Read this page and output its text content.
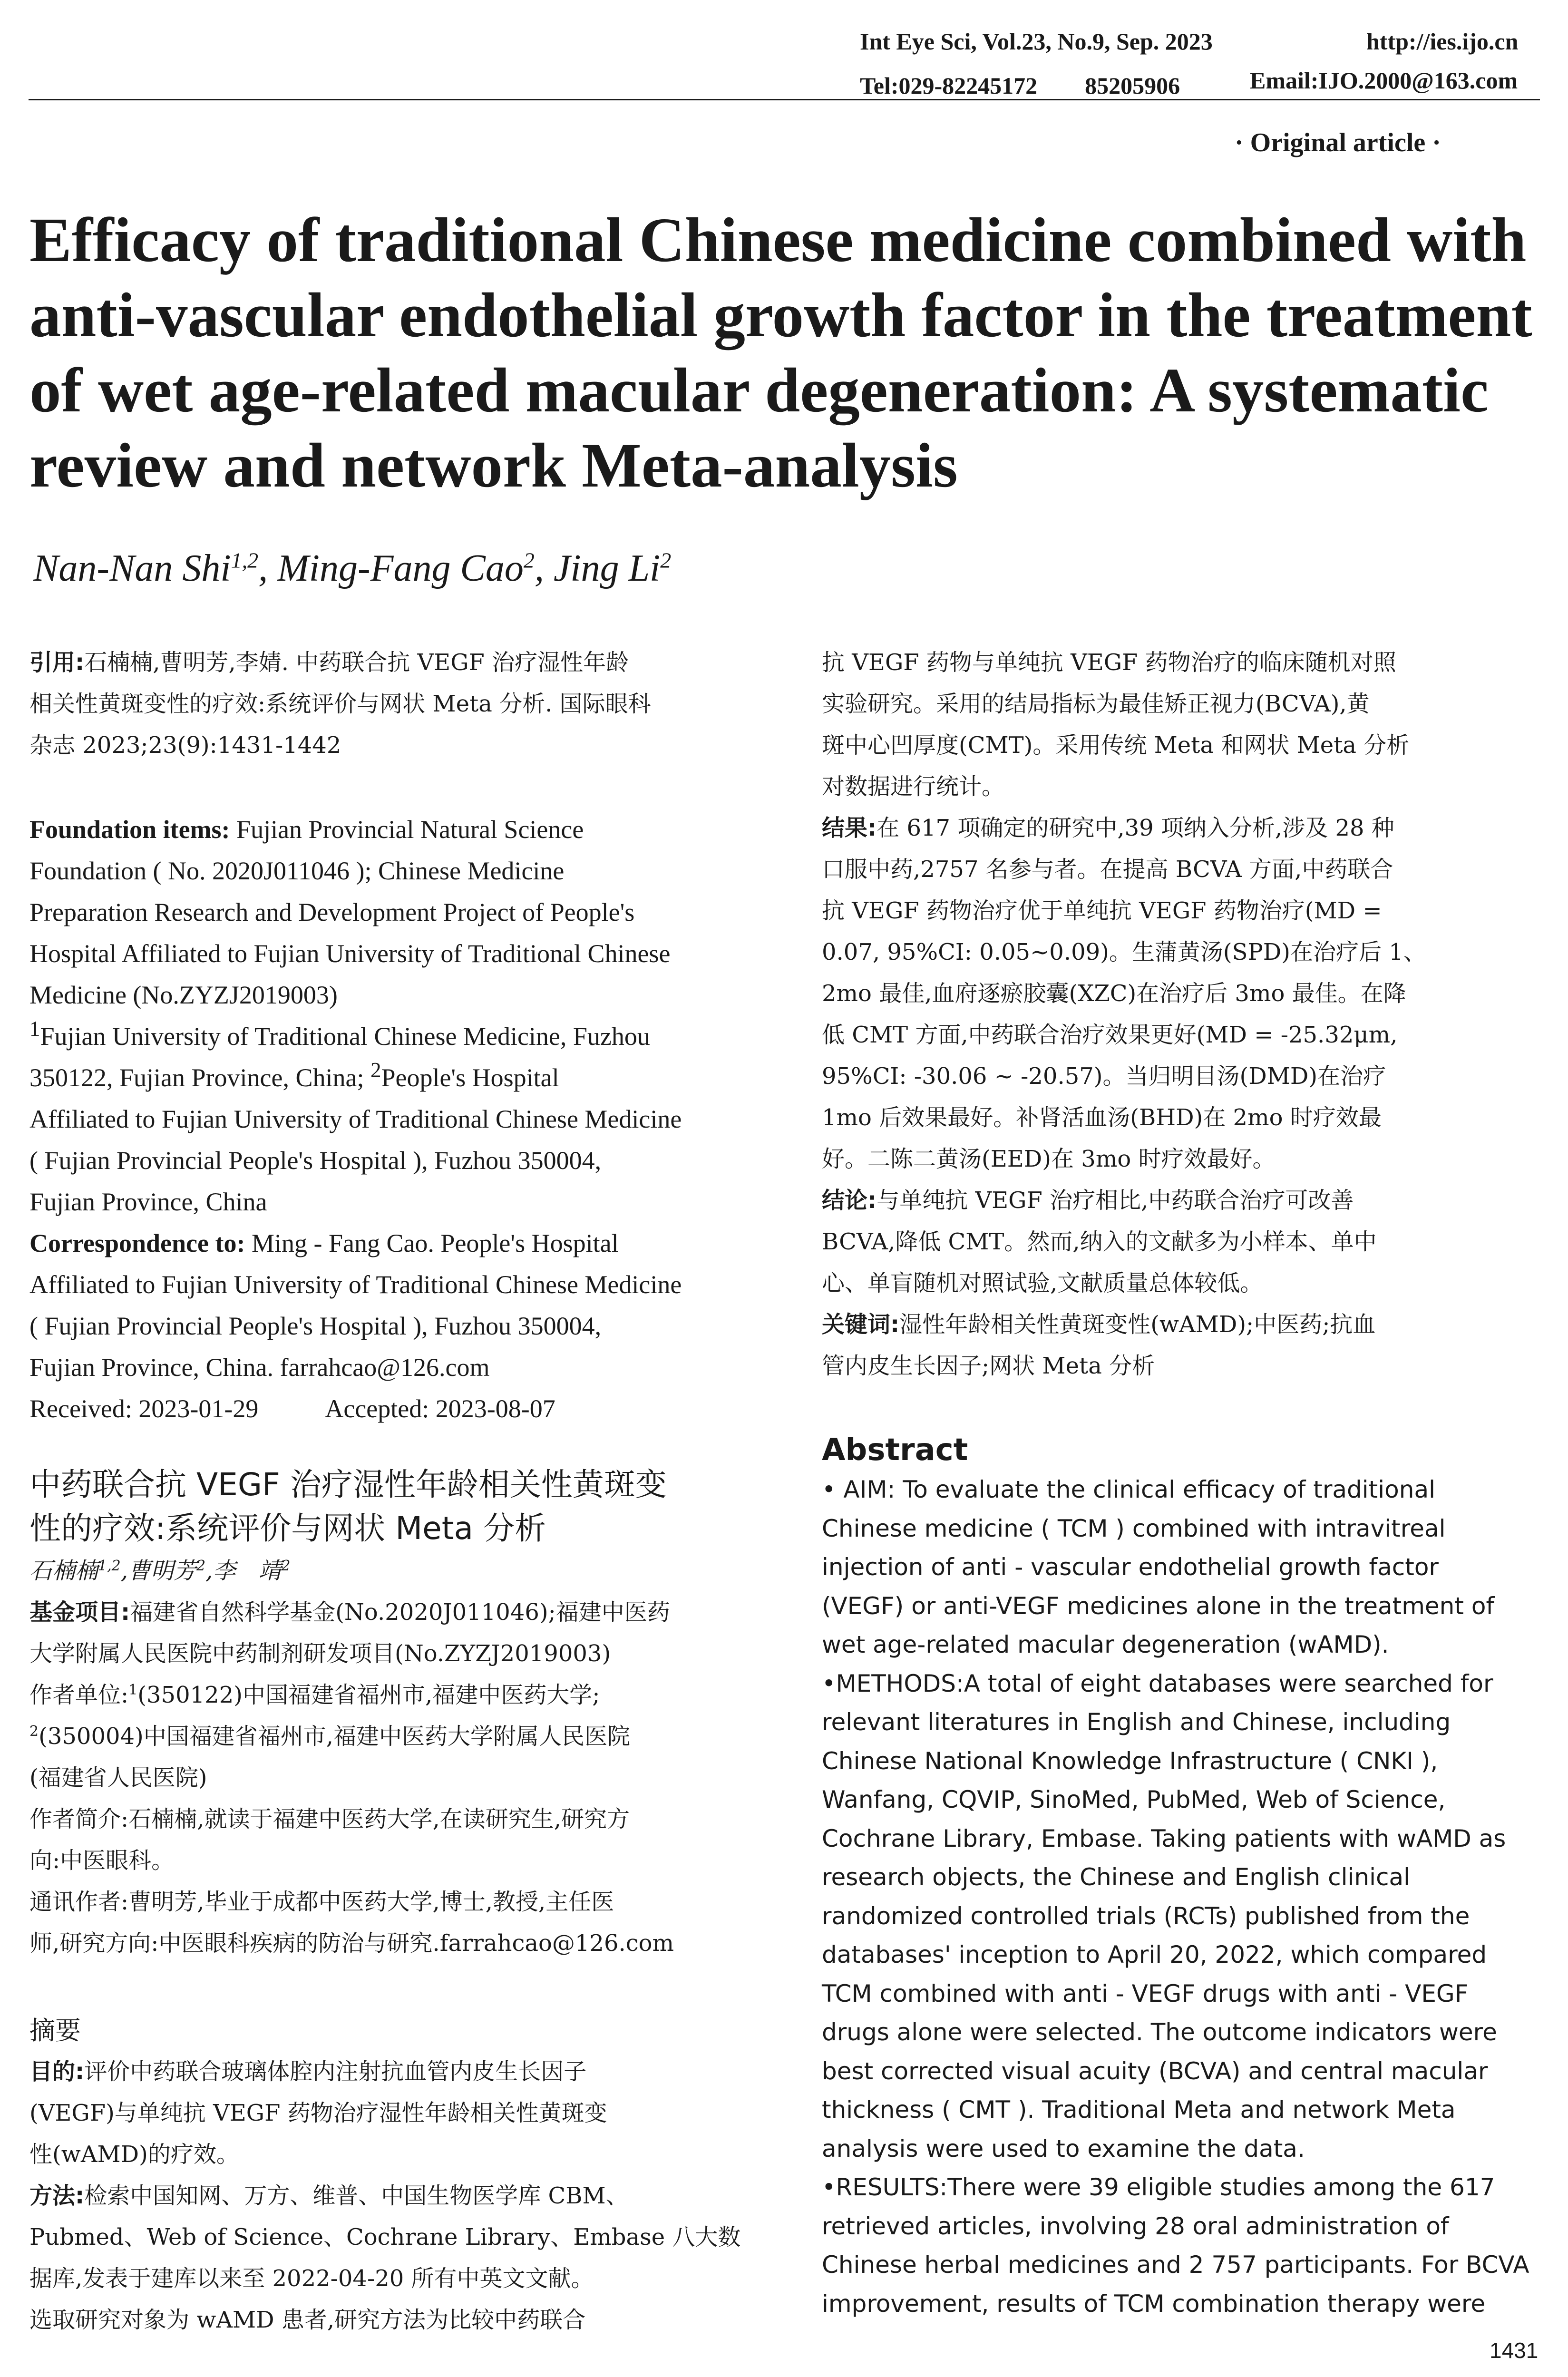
Int Eye Sci, Vol.23, No.9, Sep. 2023	http://ies.ijo.cn
Tel:029-82245172　　85205906	Email:IJO.2000@163.com
· Original article ·
Efficacy of traditional Chinese medicine combined with
anti-vascular endothelial growth factor in the treatment
of wet age-related macular degeneration: A systematic
review and network Meta-analysis
Nan-Nan Shi$^{1,2}$, Ming-Fang Cao$^2$, Jing Li$^2$
引用:石楠楠,曹明芳,李婧. 中药联合抗 VEGF 治疗湿性年龄
相关性黄斑变性的疗效:系统评价与网状 Meta 分析. 国际眼科
杂志 2023;23(9):1431-1442
Foundation items: Fujian Provincial Natural Science
Foundation ( No. 2020J011046 ); Chinese Medicine
Preparation Research and Development Project of People's
Hospital Affiliated to Fujian University of Traditional Chinese
Medicine (No.ZYZJ2019003)
$^1$Fujian University of Traditional Chinese Medicine, Fuzhou
350122, Fujian Province, China; $^2$People's Hospital
Affiliated to Fujian University of Traditional Chinese Medicine
( Fujian Provincial People's Hospital ), Fuzhou 350004,
Fujian Province, China
Correspondence to: Ming - Fang Cao. People's Hospital
Affiliated to Fujian University of Traditional Chinese Medicine
( Fujian Provincial People's Hospital ), Fuzhou 350004,
Fujian Province, China. farrahcao@126.com
Received: 2023-01-29	Accepted: 2023-08-07
中药联合抗 VEGF 治疗湿性年龄相关性黄斑变
性的疗效:系统评价与网状 Meta 分析
石楠楠$^{1,2}$,曹明芳$^2$,李　靖$^2$
基金项目:福建省自然科学基金(No.2020J011046);福建中医药
大学附属人民医院中药制剂研发项目(No.ZYZJ2019003)
作者单位:$^1$(350122)中国福建省福州市,福建中医药大学;
$^2$(350004)中国福建省福州市,福建中医药大学附属人民医院
(福建省人民医院)
作者简介:石楠楠,就读于福建中医药大学,在读研究生,研究方
向:中医眼科。
通讯作者:曹明芳,毕业于成都中医药大学,博士,教授,主任医
师,研究方向:中医眼科疾病的防治与研究.farrahcao@126.com
摘要
目的:评价中药联合玻璃体腔内注射抗血管内皮生长因子
(VEGF)与单纯抗 VEGF 药物治疗湿性年龄相关性黄斑变
性(wAMD)的疗效。
方法:检索中国知网、万方、维普、中国生物医学库 CBM、
Pubmed、Web of Science、Cochrane Library、Embase 八大数
据库,发表于建库以来至 2022-04-20 所有中英文文献。
选取研究对象为 wAMD 患者,研究方法为比较中药联合
抗 VEGF 药物与单纯抗 VEGF 药物治疗的临床随机对照
实验研究。采用的结局指标为最佳矫正视力(BCVA),黄
斑中心凹厚度(CMT)。采用传统 Meta 和网状 Meta 分析
对数据进行统计。
结果:在 617 项确定的研究中,39 项纳入分析,涉及 28 种
口服中药,2757 名参与者。在提高 BCVA 方面,中药联合
抗 VEGF 药物治疗优于单纯抗 VEGF 药物治疗(MD =
0.07, 95%CI: 0.05~0.09)。生蒲黄汤(SPD)在治疗后 1、
2mo 最佳,血府逐瘀胶囊(XZC)在治疗后 3mo 最佳。在降
低 CMT 方面,中药联合治疗效果更好(MD = -25.32μm,
95%CI: -30.06 ~ -20.57)。当归明目汤(DMD)在治疗
1mo 后效果最好。补肾活血汤(BHD)在 2mo 时疗效最
好。二陈二黄汤(EED)在 3mo 时疗效最好。
结论:与单纯抗 VEGF 治疗相比,中药联合治疗可改善
BCVA,降低 CMT。然而,纳入的文献多为小样本、单中
心、单盲随机对照试验,文献质量总体较低。
关键词:湿性年龄相关性黄斑变性(wAMD);中医药;抗血
管内皮生长因子;网状 Meta 分析
Abstract
• AIM: To evaluate the clinical efficacy of traditional
Chinese medicine ( TCM ) combined with intravitreal
injection of anti - vascular endothelial growth factor
(VEGF) or anti-VEGF medicines alone in the treatment of
wet age-related macular degeneration (wAMD).
•METHODS:A total of eight databases were searched for
relevant literatures in English and Chinese, including
Chinese National Knowledge Infrastructure ( CNKI ),
Wanfang, CQVIP, SinoMed, PubMed, Web of Science,
Cochrane Library, Embase. Taking patients with wAMD as
research objects, the Chinese and English clinical
randomized controlled trials (RCTs) published from the
databases' inception to April 20, 2022, which compared
TCM combined with anti - VEGF drugs with anti - VEGF
drugs alone were selected. The outcome indicators were
best corrected visual acuity (BCVA) and central macular
thickness ( CMT ). Traditional Meta and network Meta
analysis were used to examine the data.
•RESULTS:There were 39 eligible studies among the 617
retrieved articles, involving 28 oral administration of
Chinese herbal medicines and 2 757 participants. For BCVA
improvement, results of TCM combination therapy were
1431
